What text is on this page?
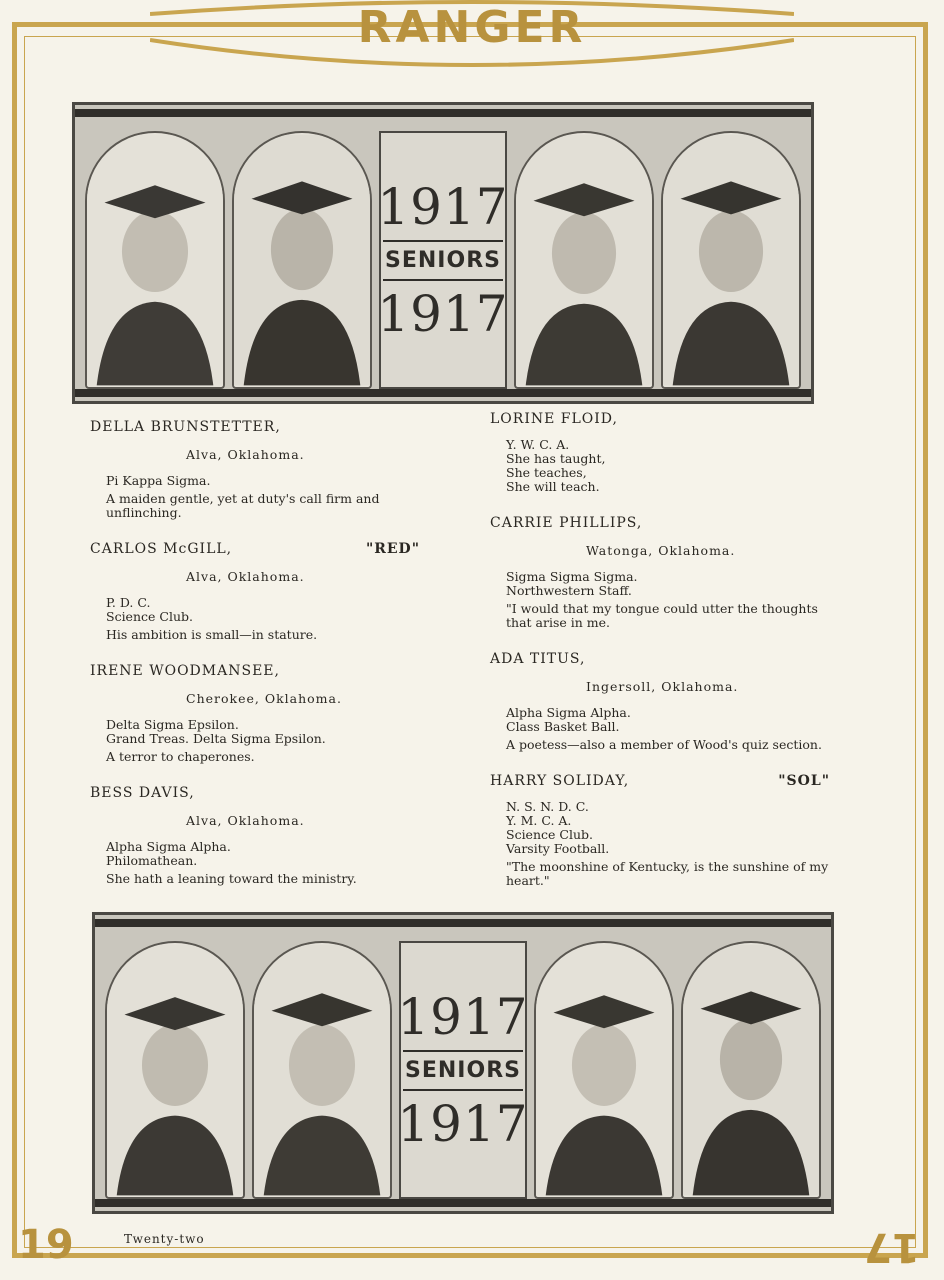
RANGER
19	17
1917
SENIORS
1917
DELLA BRUNSTETTER,
Alva, Oklahoma.
Pi Kappa Sigma.
A maiden gentle, yet at duty's call firm and unflinching.
CARLOS McGILL,	"RED"
Alva, Oklahoma.
P. D. C.
Science Club.
His ambition is small—in stature.
IRENE WOODMANSEE,
Cherokee, Oklahoma.
Delta Sigma Epsilon.
Grand Treas. Delta Sigma Epsilon.
A terror to chaperones.
BESS DAVIS,
Alva, Oklahoma.
Alpha Sigma Alpha.
Philomathean.
She hath a leaning toward the ministry.
LORINE FLOID,
Y. W. C. A.
She has taught,
She teaches,
She will teach.
CARRIE PHILLIPS,
Watonga, Oklahoma.
Sigma Sigma Sigma.
Northwestern Staff.
"I would that my tongue could utter the thoughts that arise in me.
ADA TITUS,
Ingersoll, Oklahoma.
Alpha Sigma Alpha.
Class Basket Ball.
A poetess—also a member of Wood's quiz section.
HARRY SOLIDAY,	"SOL"
N. S. N. D. C.
Y. M. C. A.
Science Club.
Varsity Football.
"The moonshine of Kentucky, is the sunshine of my heart."
1917
SENIORS
1917
Twenty-two
